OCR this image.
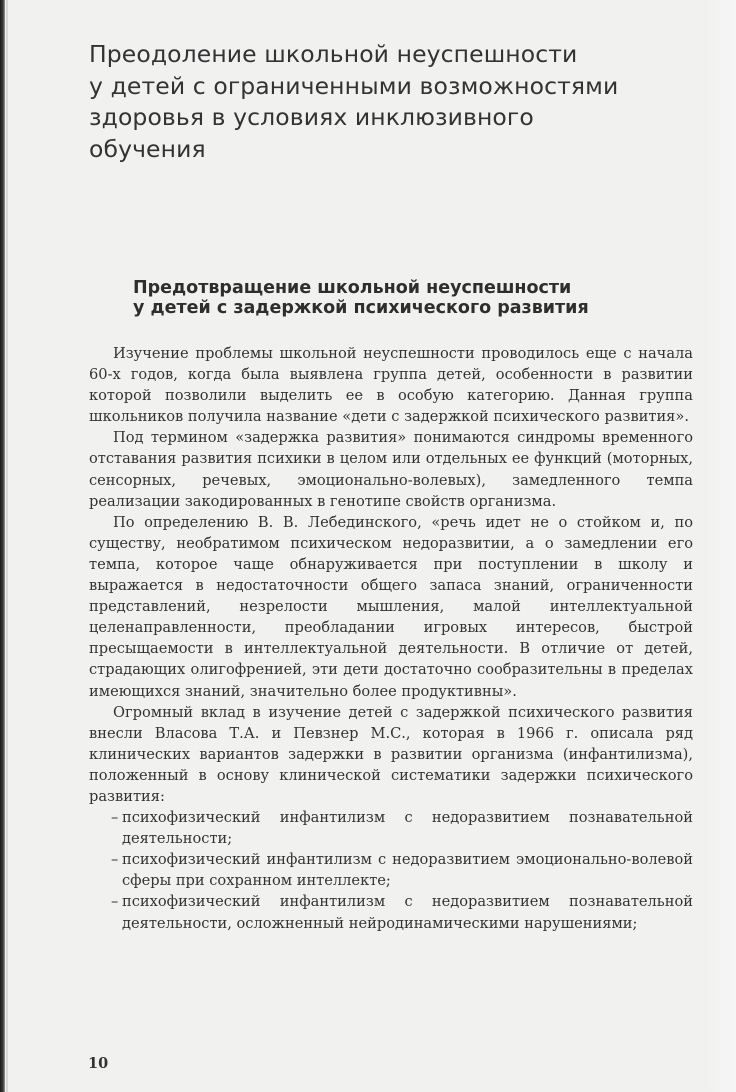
Преодоление школьной неуспешности
у детей с ограниченными возможностями
здоровья в условиях инклюзивного
обучения
Предотвращение школьной неуспешности
у детей с задержкой психического развития

Изучение проблемы школьной неуспешности проводилось еще с начала 60-х годов, когда была выявлена группа детей, особенности в развитии которой позволили выделить ее в особую категорию. Данная группа школьников получила название «дети с задержкой психического развития».

Под термином «задержка развития» понимаются синдромы временного отставания развития психики в целом или отдельных ее функций (моторных, сенсорных, речевых, эмоционально-волевых), замедленного темпа реализации закодированных в генотипе свойств организма.

По определению В. В. Лебединского, «речь идет не о стойком и, по существу, необратимом психическом недоразвитии, а о замедлении его темпа, которое чаще обнаруживается при поступлении в школу и выражается в недостаточности общего запаса знаний, ограниченности представлений, незрелости мышления, малой интеллектуальной целенаправленности, преобладании игровых интересов, быстрой пресыщаемости в интеллектуальной деятельности. В отличие от детей, страдающих олигофренией, эти дети достаточно сообразительны в пределах имеющихся знаний, значительно более продуктивны».

Огромный вклад в изучение детей с задержкой психического развития внесли Власова Т.А. и Певзнер М.С., которая в 1966 г. описала ряд клинических вариантов задержки в развитии организма (инфантилизма), положенный в основу клинической систематики задержки психического развития:

– психофизический инфантилизм с недоразвитием познавательной деятельности;
– психофизический инфантилизм с недоразвитием эмоционально-волевой сферы при сохранном интеллекте;
– психофизический инфантилизм с недоразвитием познавательной деятельности, осложненный нейродинамическими нарушениями;
10
